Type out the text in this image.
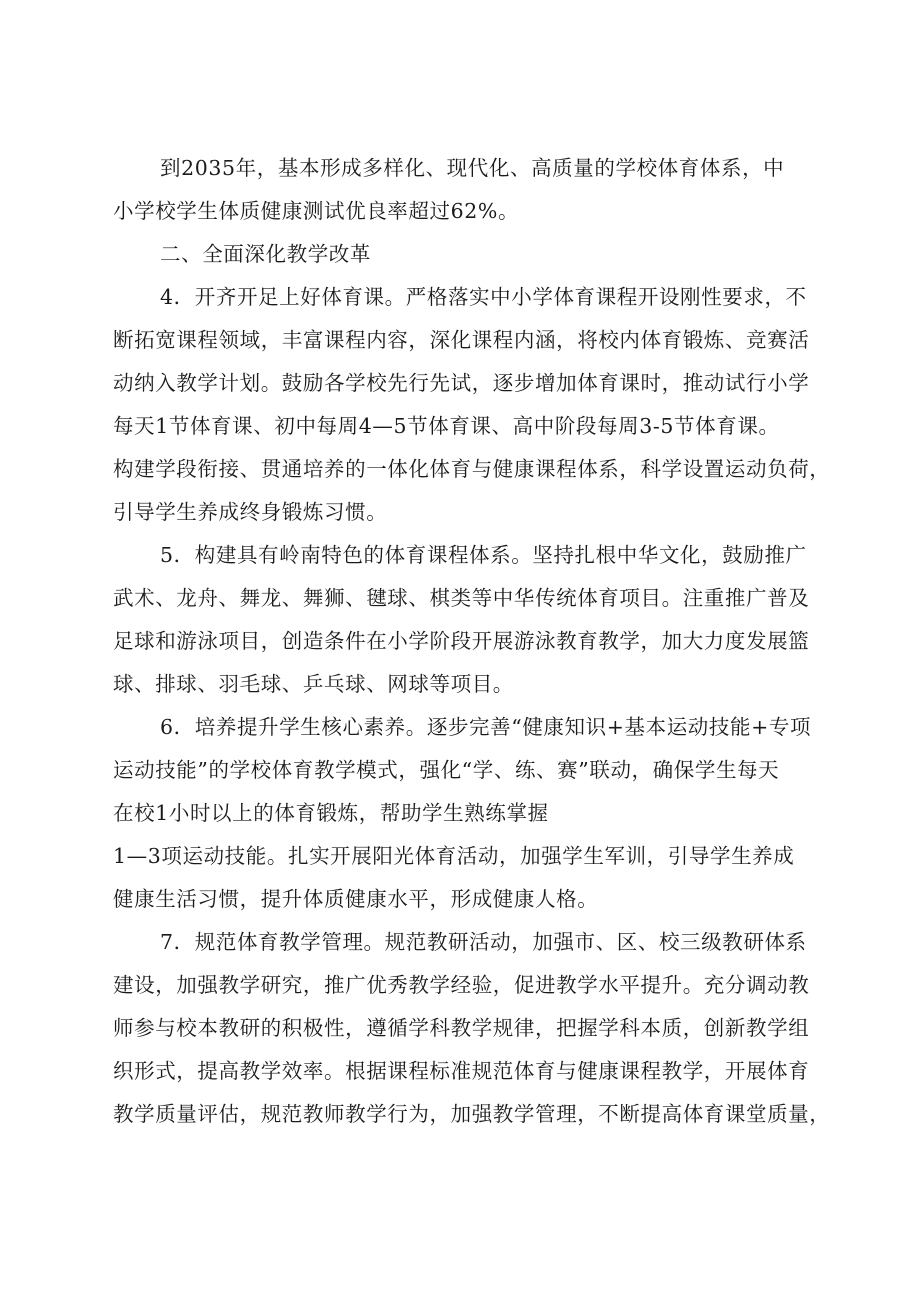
到2035年，基本形成多样化、现代化、高质量的学校体育体系，中
小学校学生体质健康测试优良率超过62%。
二、全面深化教学改革
4．开齐开足上好体育课。严格落实中小学体育课程开设刚性要求，不
断拓宽课程领域，丰富课程内容，深化课程内涵，将校内体育锻炼、竞赛活
动纳入教学计划。鼓励各学校先行先试，逐步增加体育课时，推动试行小学
每天1节体育课、初中每周4—5节体育课、高中阶段每周3-5节体育课。
构建学段衔接、贯通培养的一体化体育与健康课程体系，科学设置运动负荷，
引导学生养成终身锻炼习惯。
5．构建具有岭南特色的体育课程体系。坚持扎根中华文化，鼓励推广
武术、龙舟、舞龙、舞狮、毽球、棋类等中华传统体育项目。注重推广普及
足球和游泳项目，创造条件在小学阶段开展游泳教育教学，加大力度发展篮
球、排球、羽毛球、乒乓球、网球等项目。
6．培养提升学生核心素养。逐步完善“健康知识+基本运动技能+专项
运动技能”的学校体育教学模式，强化“学、练、赛”联动，确保学生每天
在校1小时以上的体育锻炼，帮助学生熟练掌握
1—3项运动技能。扎实开展阳光体育活动，加强学生军训，引导学生养成
健康生活习惯，提升体质健康水平，形成健康人格。
7．规范体育教学管理。规范教研活动，加强市、区、校三级教研体系
建设，加强教学研究，推广优秀教学经验，促进教学水平提升。充分调动教
师参与校本教研的积极性，遵循学科教学规律，把握学科本质，创新教学组
织形式，提高教学效率。根据课程标准规范体育与健康课程教学，开展体育
教学质量评估，规范教师教学行为，加强教学管理，不断提高体育课堂质量，
